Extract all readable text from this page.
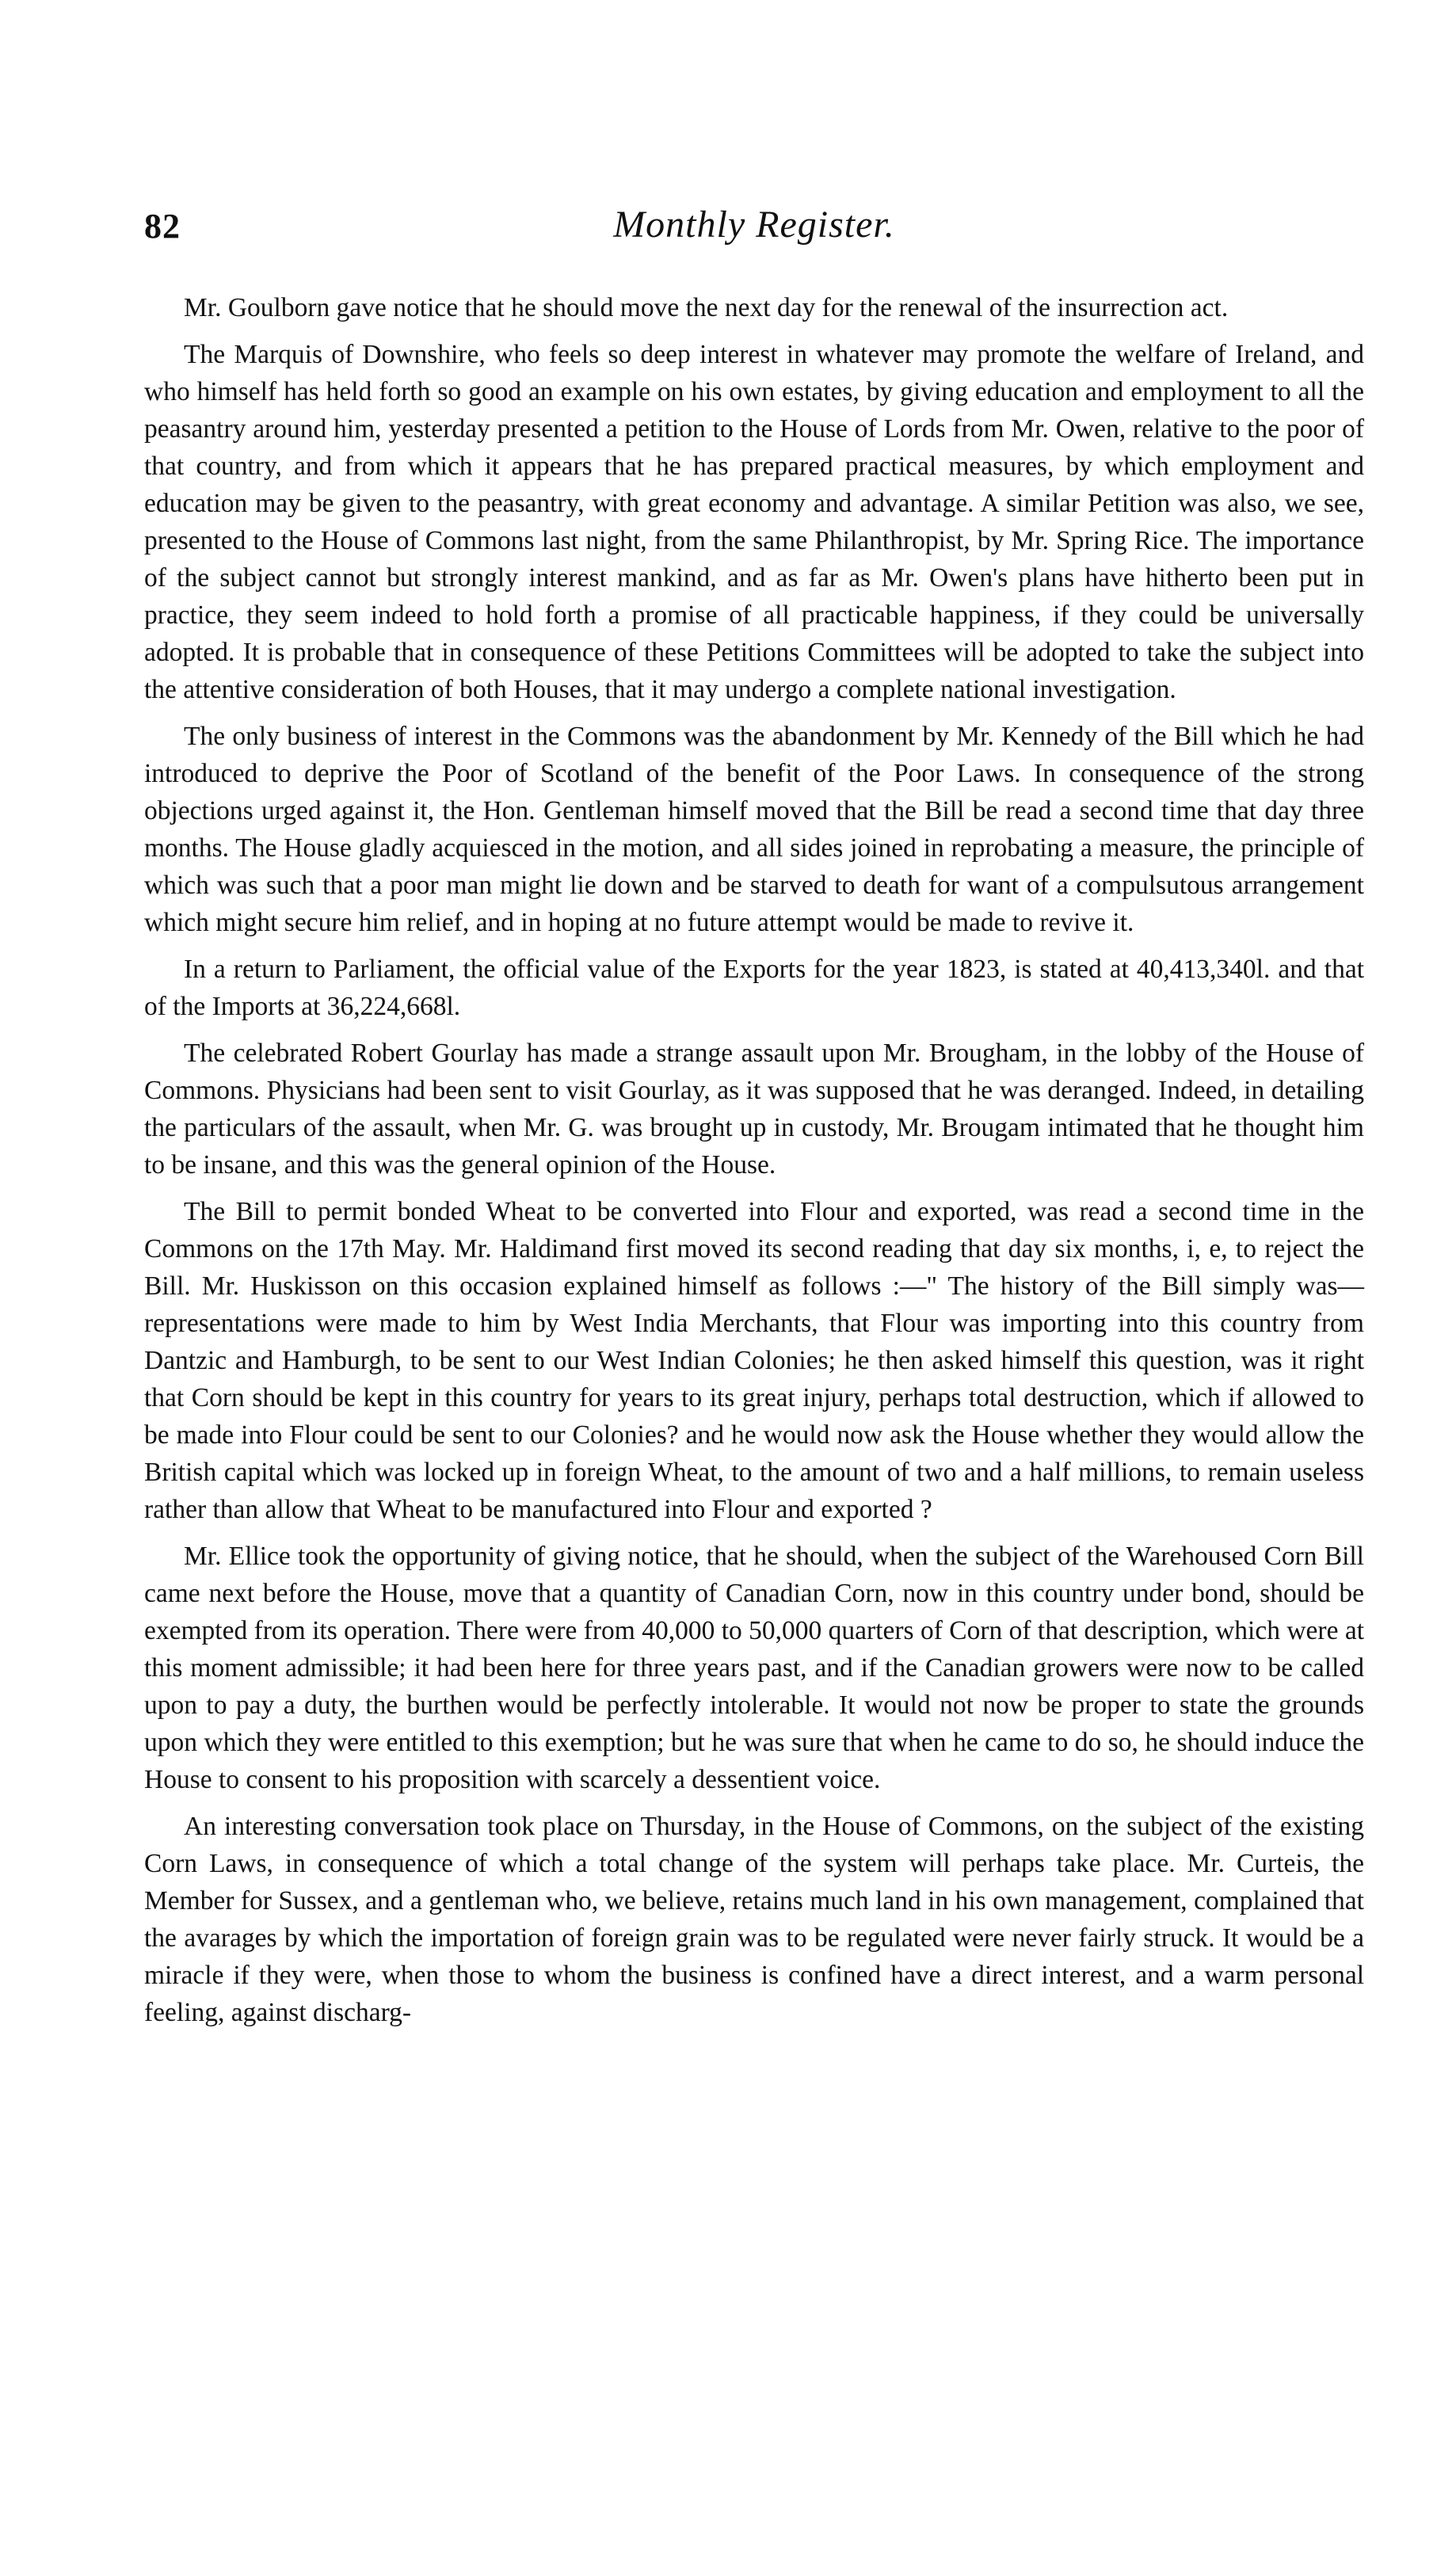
82	Monthly Register.

Mr. Goulborn gave notice that he should move the next day for the renewal of the insurrection act.

The Marquis of Downshire, who feels so deep interest in whatever may promote the welfare of Ireland, and who himself has held forth so good an example on his own estates, by giving education and employment to all the peasantry around him, yesterday presented a petition to the House of Lords from Mr. Owen, relative to the poor of that country, and from which it appears that he has prepared practical measures, by which employment and education may be given to the peasantry, with great economy and advantage. A similar Petition was also, we see, presented to the House of Commons last night, from the same Philanthropist, by Mr. Spring Rice. The importance of the subject cannot but strongly interest mankind, and as far as Mr. Owen's plans have hitherto been put in practice, they seem indeed to hold forth a promise of all practicable happiness, if they could be universally adopted. It is probable that in consequence of these Petitions Committees will be adopted to take the subject into the attentive consideration of both Houses, that it may undergo a complete national investigation.

The only business of interest in the Commons was the abandonment by Mr. Kennedy of the Bill which he had introduced to deprive the Poor of Scotland of the benefit of the Poor Laws. In consequence of the strong objections urged against it, the Hon. Gentleman himself moved that the Bill be read a second time that day three months. The House gladly acquiesced in the motion, and all sides joined in reprobating a measure, the principle of which was such that a poor man might lie down and be starved to death for want of a compulsutous arrangement which might secure him relief, and in hoping at no future attempt would be made to revive it.

In a return to Parliament, the official value of the Exports for the year 1823, is stated at 40,413,340l. and that of the Imports at 36,224,668l.

The celebrated Robert Gourlay has made a strange assault upon Mr. Brougham, in the lobby of the House of Commons. Physicians had been sent to visit Gourlay, as it was supposed that he was deranged. Indeed, in detailing the particulars of the assault, when Mr. G. was brought up in custody, Mr. Brougam intimated that he thought him to be insane, and this was the general opinion of the House.

The Bill to permit bonded Wheat to be converted into Flour and exported, was read a second time in the Commons on the 17th May. Mr. Haldimand first moved its second reading that day six months, i, e, to reject the Bill. Mr. Huskisson on this occasion explained himself as follows :—" The history of the Bill simply was—representations were made to him by West India Merchants, that Flour was importing into this country from Dantzic and Hamburgh, to be sent to our West Indian Colonies; he then asked himself this question, was it right that Corn should be kept in this country for years to its great injury, perhaps total destruction, which if allowed to be made into Flour could be sent to our Colonies? and he would now ask the House whether they would allow the British capital which was locked up in foreign Wheat, to the amount of two and a half millions, to remain useless rather than allow that Wheat to be manufactured into Flour and exported ?

Mr. Ellice took the opportunity of giving notice, that he should, when the subject of the Warehoused Corn Bill came next before the House, move that a quantity of Canadian Corn, now in this country under bond, should be exempted from its operation. There were from 40,000 to 50,000 quarters of Corn of that description, which were at this moment admissible; it had been here for three years past, and if the Canadian growers were now to be called upon to pay a duty, the burthen would be perfectly intolerable. It would not now be proper to state the grounds upon which they were entitled to this exemption; but he was sure that when he came to do so, he should induce the House to consent to his proposition with scarcely a dessentient voice.

An interesting conversation took place on Thursday, in the House of Commons, on the subject of the existing Corn Laws, in consequence of which a total change of the system will perhaps take place. Mr. Curteis, the Member for Sussex, and a gentleman who, we believe, retains much land in his own management, complained that the avarages by which the importation of foreign grain was to be regulated were never fairly struck. It would be a miracle if they were, when those to whom the business is confined have a direct interest, and a warm personal feeling, against discharg-
